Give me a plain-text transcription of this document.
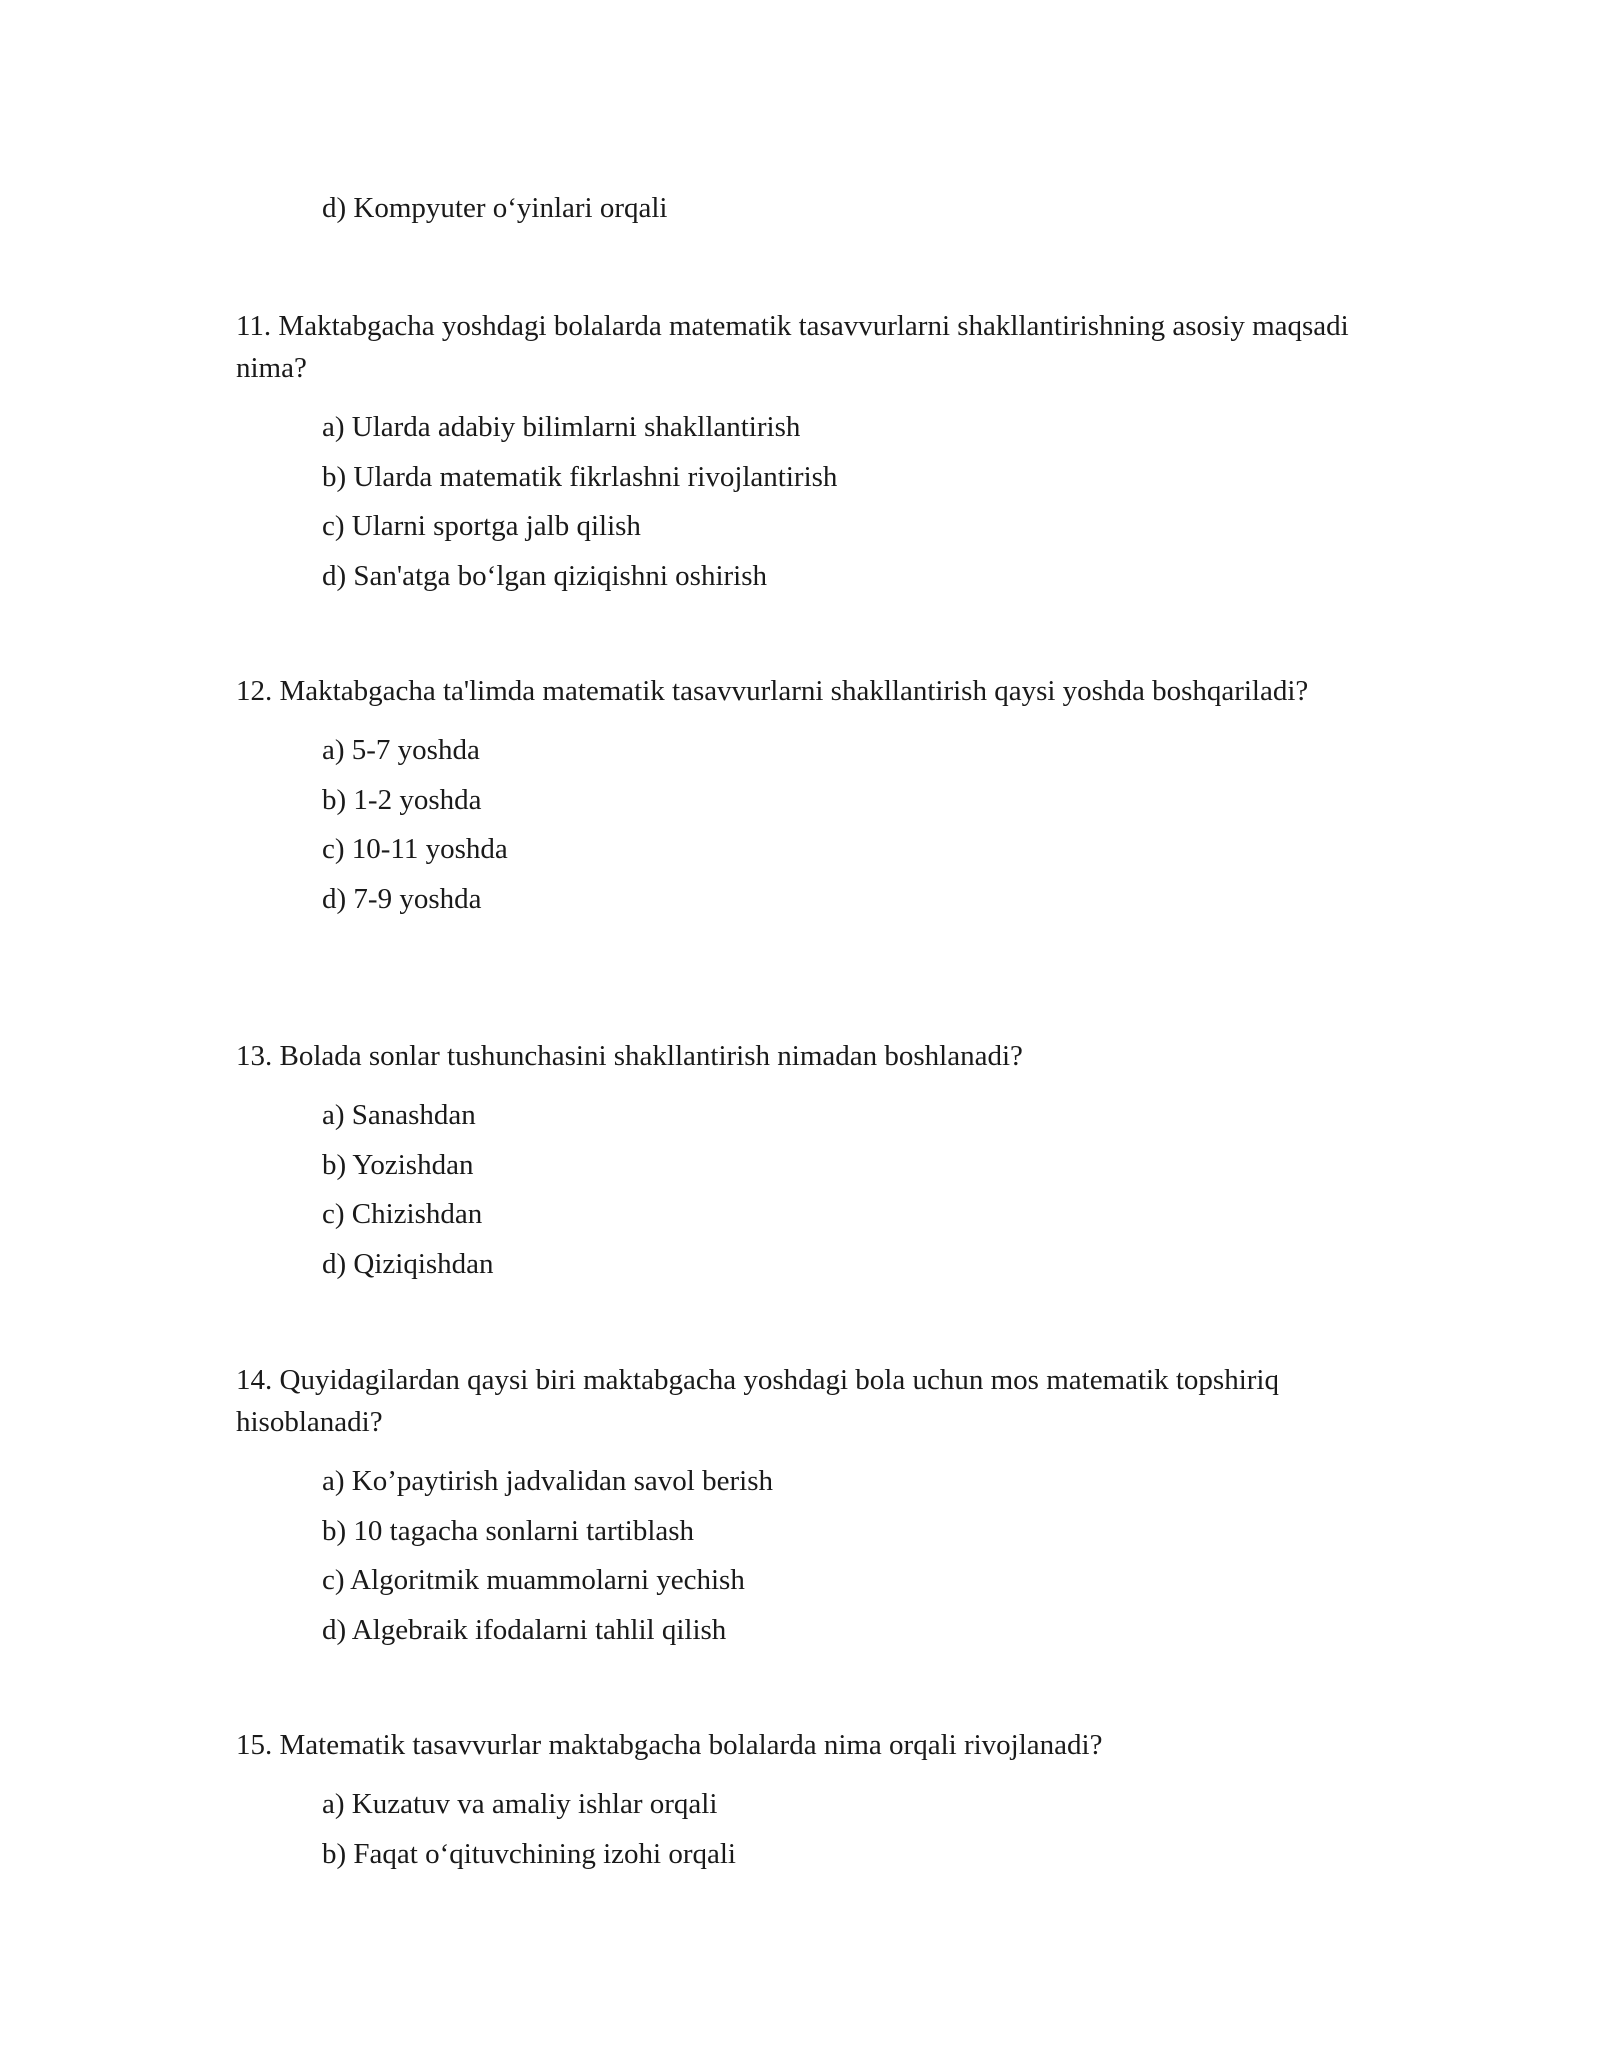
d) Kompyuter o‘yinlari orqali

11. Maktabgacha yoshdagi bolalarda matematik tasavvurlarni shakllantirishning asosiy maqsadi nima?

a) Ularda adabiy bilimlarni shakllantirish
b) Ularda matematik fikrlashni rivojlantirish
c) Ularni sportga jalb qilish
d) San'atga bo‘lgan qiziqishni oshirish

12. Maktabgacha ta'limda matematik tasavvurlarni shakllantirish qaysi yoshda boshqariladi?

a) 5-7 yoshda
b) 1-2 yoshda
c) 10-11 yoshda
d) 7-9 yoshda

13. Bolada sonlar tushunchasini shakllantirish nimadan boshlanadi?

a) Sanashdan
b) Yozishdan
c) Chizishdan
d) Qiziqishdan

14. Quyidagilardan qaysi biri maktabgacha yoshdagi bola uchun mos matematik topshiriq hisoblanadi?

a) Ko’paytirish jadvalidan savol berish
b) 10 tagacha sonlarni tartiblash
c) Algoritmik muammolarni yechish
d) Algebraik ifodalarni tahlil qilish

15. Matematik tasavvurlar maktabgacha bolalarda nima orqali rivojlanadi?

a) Kuzatuv va amaliy ishlar orqali
b) Faqat o‘qituvchining izohi orqali
